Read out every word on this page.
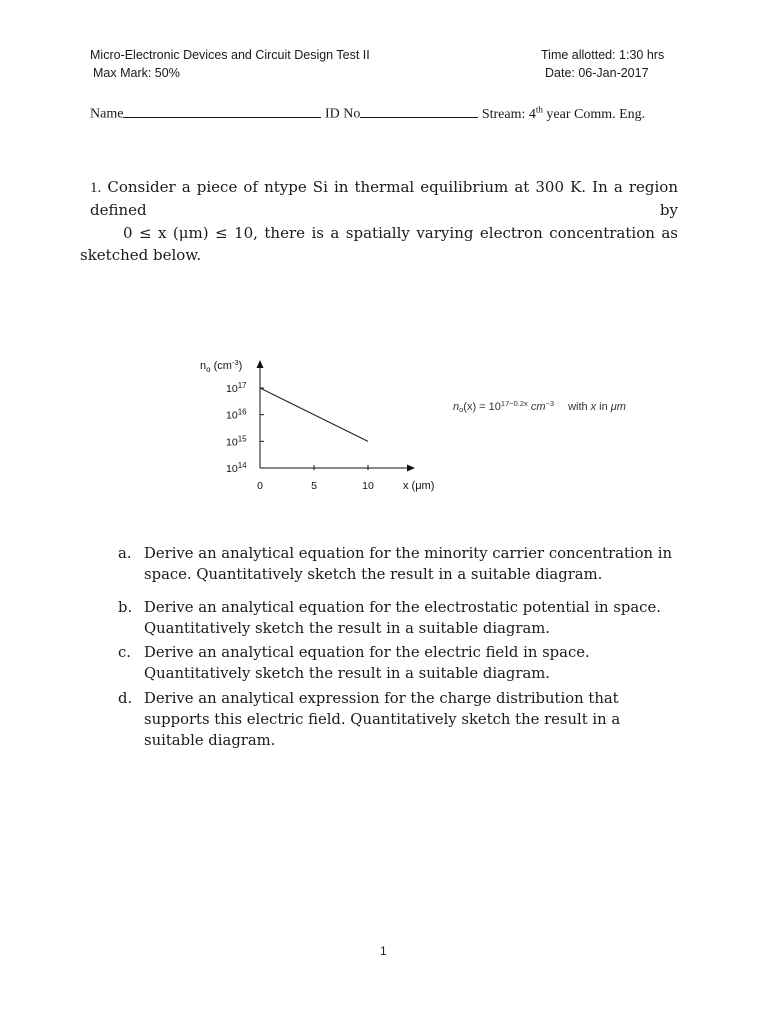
Micro-Electronic Devices and Circuit Design Test II
Max Mark: 50%
Time allotted: 1:30 hrs
Date: 06-Jan-2017
Name	ID No	Stream: 4th year Comm. Eng.
1. Consider a piece of ntype Si in thermal equilibrium at 300 K. In a region defined by
0 ≤ x (μm) ≤ 10, there is a spatially varying electron concentration as sketched below.
$n_o$ $(cm^{-3})$
$10^{17}$
$10^{16}$
$10^{15}$
$10^{14}$
0	5	10	x (μm)
$no(x) = 10^{17-0.2x}$ $cm^{-3}$ with x in μm
a. Derive an analytical equation for the minority carrier concentration in space. Quantitatively sketch the result in a suitable diagram.
b. Derive an analytical equation for the electrostatic potential in space. Quantitatively sketch the result in a suitable diagram.
c. Derive an analytical equation for the electric field in space. Quantitatively sketch the result in a suitable diagram.
d. Derive an analytical expression for the charge distribution that supports this electric field. Quantitatively sketch the result in a suitable diagram.
1
